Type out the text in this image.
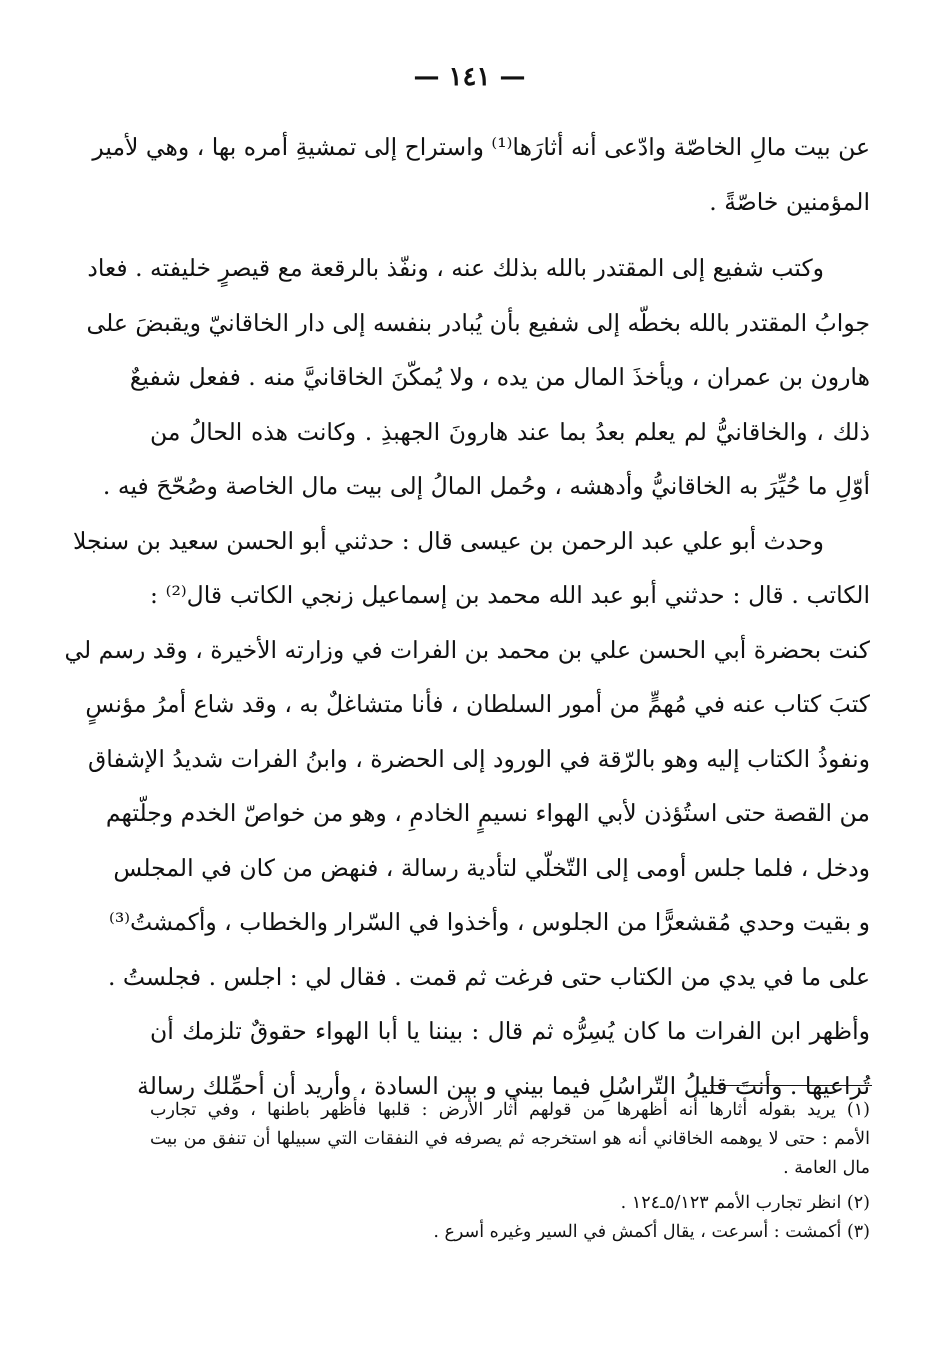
— ١٤١ —
عن بيت مالِ الخاصّة وادّعى أنه أثارَها⁽¹⁾ واستراح إلى تمشيةِ أمره بها ، وهي لأمير
المؤمنين خاصّةً .
وكتب شفيع إلى المقتدر بالله بذلك عنه ، ونفّذ بالرقعة مع قيصرٍ خليفته . فعاد
جوابُ المقتدر بالله بخطّه إلى شفيع بأن يُبادر بنفسه إلى دار الخاقانيّ ويقبضَ على
هارون بن عمران ، ويأخذَ المال من يده ، ولا يُمكّنَ الخاقانيَّ منه . ففعل شفيعٌ
ذلك ، والخاقانيُّ لم يعلم بعدُ بما عند هارونَ الجهبذِ . وكانت هذه الحالُ من
أوّلِ ما حُيِّرَ به الخاقانيُّ وأدهشه ، وحُمل المالُ إلى بيت مال الخاصة وصُحّحَ فيه .
وحدث أبو علي عبد الرحمن بن عيسى قال : حدثني أبو الحسن سعيد بن سنجلا
الكاتب . قال : حدثني أبو عبد الله محمد بن إسماعيل زنجي الكاتب قال⁽²⁾ :
كنت بحضرة أبي الحسن علي بن محمد بن الفرات في وزارته الأخيرة ، وقد رسم لي
كتبَ كتاب عنه في مُهمٍّ من أمور السلطان ، فأنا متشاغلٌ به ، وقد شاع أمرُ مؤنسٍ
ونفوذُ الكتاب إليه وهو بالرّقة في الورود إلى الحضرة ، وابنُ الفرات شديدُ الإشفاق
من القصة حتى استُؤذن لأبي الهواء نسيمٍ الخادمِ ، وهو من خواصّ الخدم وجلّتهم
ودخل ، فلما جلس أومى إلى التّخلّي لتأدية رسالة ، فنهض من كان في المجلس
و بقيت وحدي مُقشعرًّا من الجلوس ، وأخذوا في السّرار والخطاب ، وأكمشتُ⁽³⁾
على ما في يدي من الكتاب حتى فرغت ثم قمت . فقال لي : اجلس . فجلستُ .
وأظهر ابن الفرات ما كان يُسِرُّه ثم قال : بيننا يا أبا الهواء حقوقٌ تلزمك أن
تُراعيها . وأنتَ قليلُ التّراسُلِ فيما بيني و بين السادة ، وأريد أن أحمِّلك رسالة
(١) يريد بقوله أثارها أنه أظهرها من قولهم أثار الأرض : قلبها فأظهر باطنها ، وفي تجارب
الأمم : حتى لا يوهمه الخاقاني أنه هو استخرجه ثم يصرفه في النفقات التي سبيلها أن تنفق من بيت
مال العامة .
(٢) انظر تجارب الأمم ٥/١٢٣ـ١٢٤ .
(٣) أكمشت : أسرعت ، يقال أكمش في السير وغيره أسرع .
